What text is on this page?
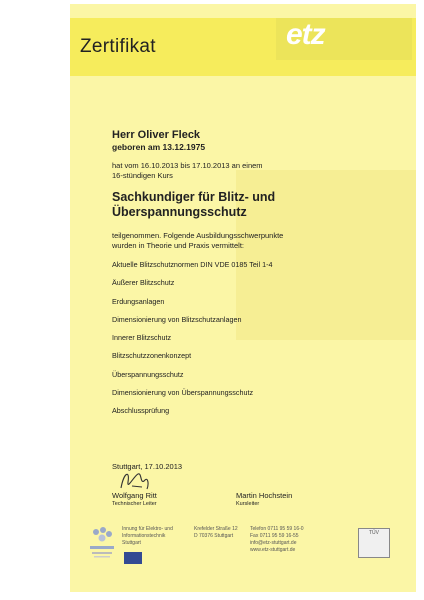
Zertifikat	etz
Herr Oliver Fleck
geboren am 13.12.1975
hat vom 16.10.2013 bis 17.10.2013 an einem
16-stündigen Kurs
Sachkundiger für Blitz- und
Überspannungsschutz
teilgenommen. Folgende Ausbildungsschwerpunkte
wurden in Theorie und Praxis vermittelt:
Aktuelle Blitzschutznormen DIN VDE 0185 Teil 1-4
Äußerer Blitzschutz
Erdungsanlagen
Dimensionierung von Blitzschutzanlagen
Innerer Blitzschutz
Blitzschutzzonenkonzept
Überspannungsschutz
Dimensionierung von Überspannungsschutz
Abschlussprüfung
Stuttgart, 17.10.2013
Wolfgang Ritt
Technischer Leiter
Martin Hochstein
Kursleiter
Innung für Elektro- und
Informationstechnik
Stuttgart
Krefelder Straße 12
D 70376 Stuttgart
Telefon 0711 95 59 16-0
Fax 0711 95 59 16-55
info@etz-stuttgart.de
www.etz-stuttgart.de
TÜV
